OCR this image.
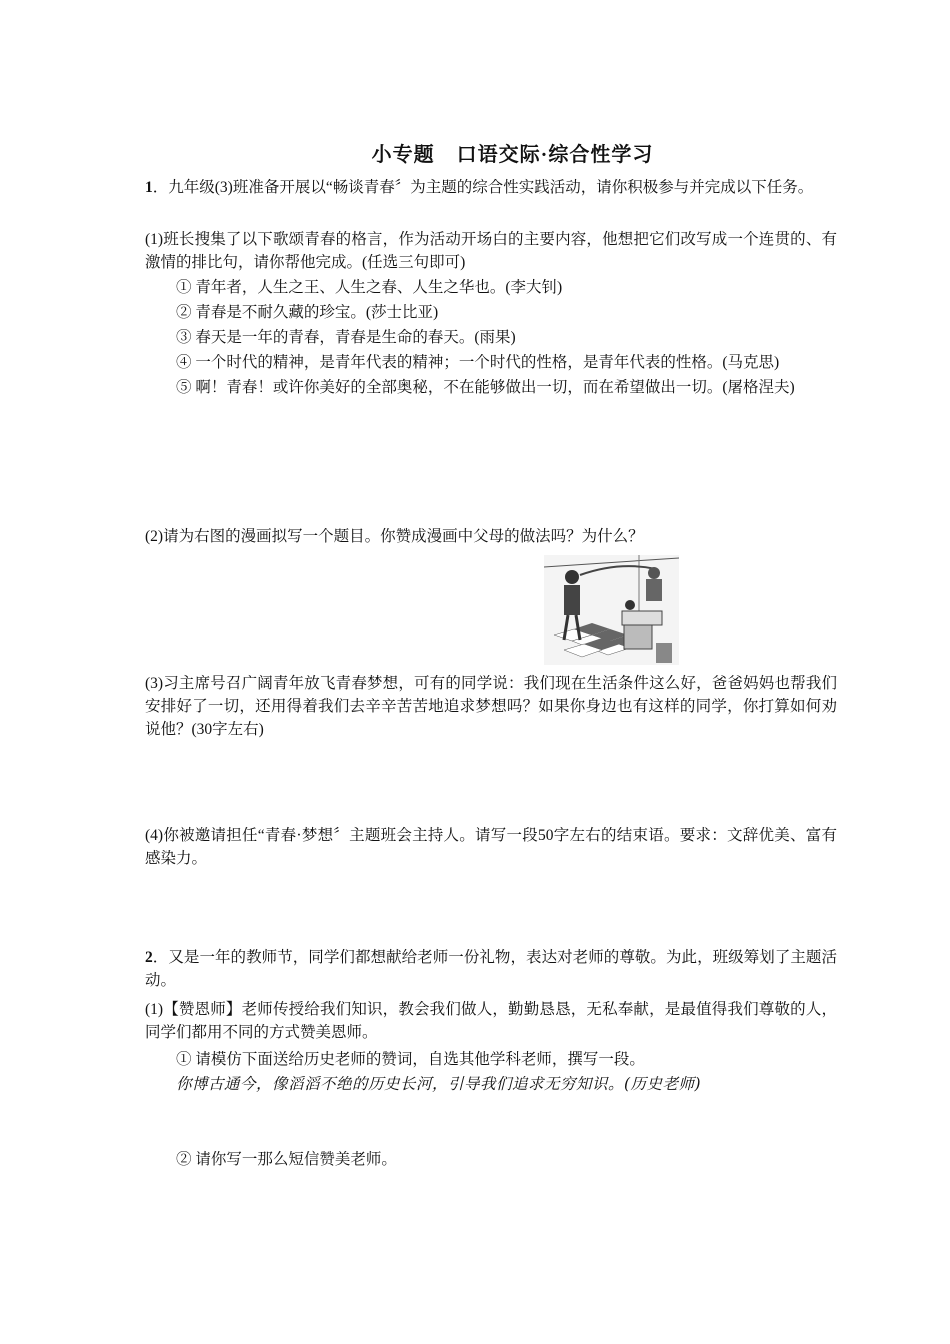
小专题 口语交际·综合性学习
1．九年级(3)班准备开展以“畅谈青春〞为主题的综合性实践活动，请你积极参与并完成以下任务。
(1)班长搜集了以下歌颂青春的格言，作为活动开场白的主要内容，他想把它们改写成一个连贯的、有激情的排比句，请你帮他完成。(任选三句即可)
① 青年者，人生之王、人生之春、人生之华也。(李大钊)
② 青春是不耐久藏的珍宝。(莎士比亚)
③ 春天是一年的青春，青春是生命的春天。(雨果)
④ 一个时代的精神，是青年代表的精神；一个时代的性格，是青年代表的性格。(马克思)
⑤ 啊！青春！或许你美好的全部奥秘，不在能够做出一切，而在希望做出一切。(屠格涅夫)
(2)请为右图的漫画拟写一个题目。你赞成漫画中父母的做法吗？为什么？
(3)习主席号召广阔青年放飞青春梦想，可有的同学说：我们现在生活条件这么好，爸爸妈妈也帮我们安排好了一切，还用得着我们去辛辛苦苦地追求梦想吗？如果你身边也有这样的同学，你打算如何劝说他？(30字左右)
(4)你被邀请担任“青春·梦想〞主题班会主持人。请写一段50字左右的结束语。要求：文辞优美、富有感染力。
2．又是一年的教师节，同学们都想献给老师一份礼物，表达对老师的尊敬。为此，班级筹划了主题活动。
(1)【赞恩师】老师传授给我们知识，教会我们做人，勤勤恳恳，无私奉献，是最值得我们尊敬的人，同学们都用不同的方式赞美恩师。
① 请模仿下面送给历史老师的赞词，自选其他学科老师，撰写一段。
你博古通今，像滔滔不绝的历史长河，引导我们追求无穷知识。(历史老师)
② 请你写一那么短信赞美老师。
